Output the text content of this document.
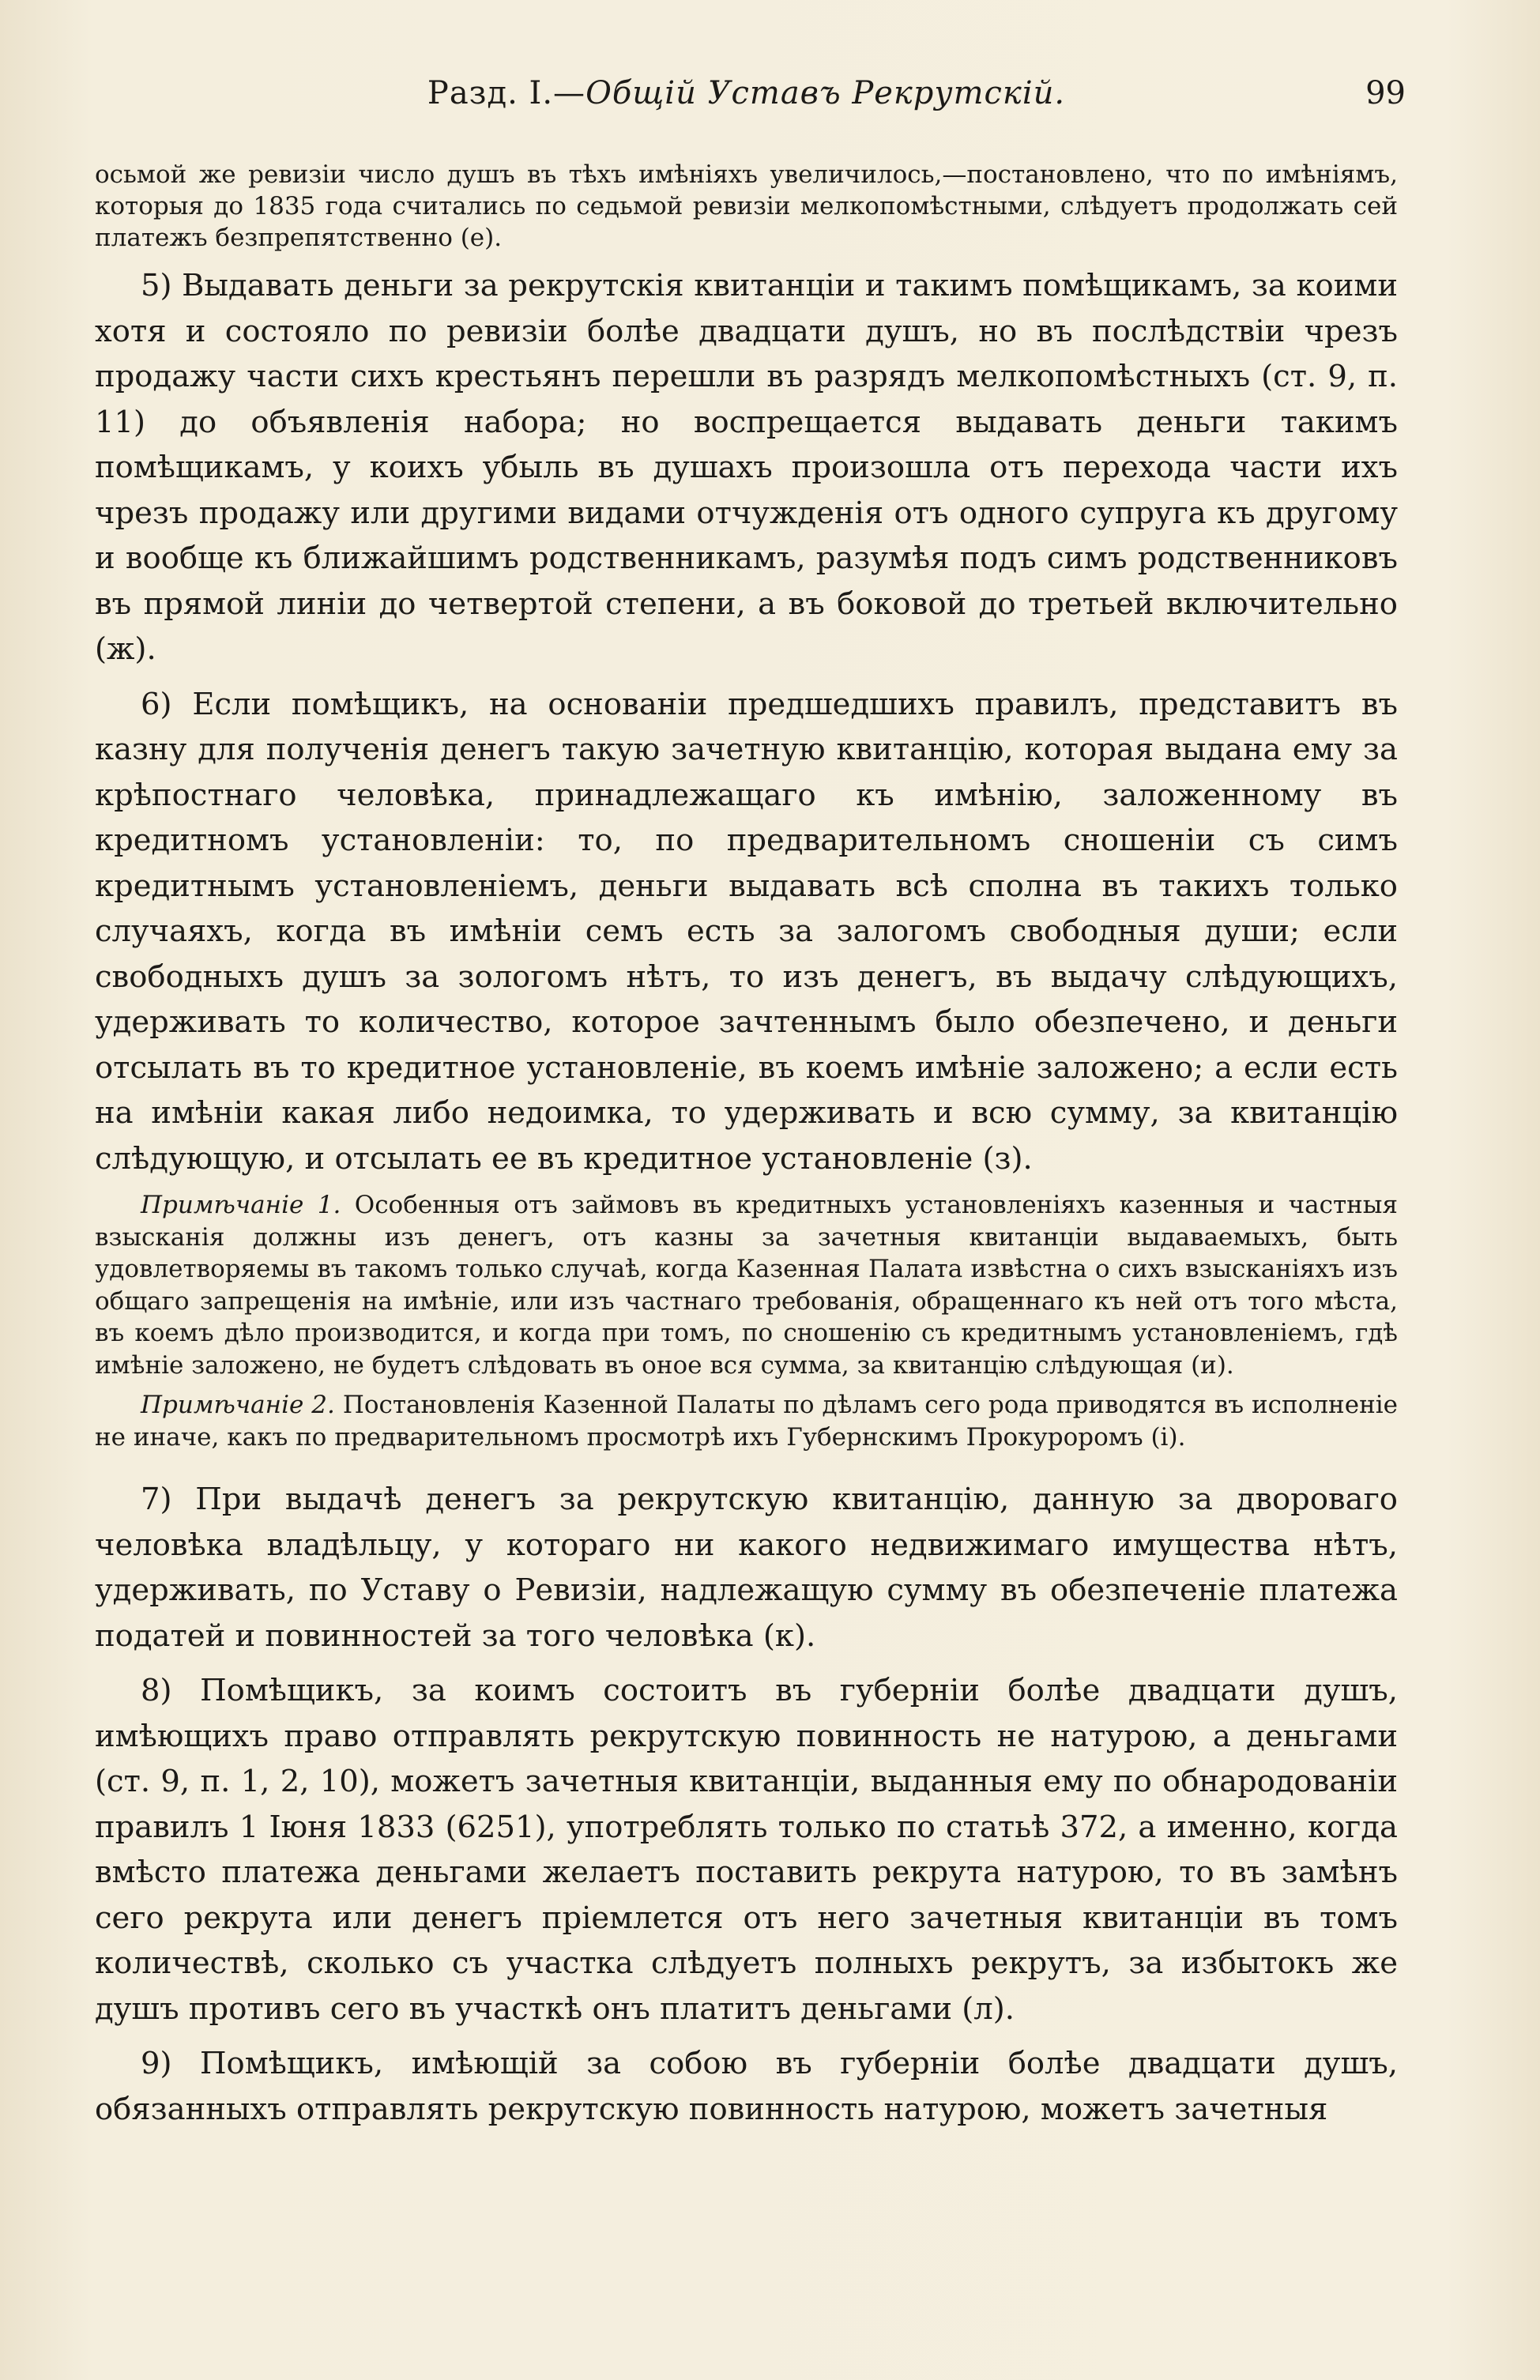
Разд. I.—Общiй Уставъ Рекрутскiй.	99

осьмой же ревизiи число душъ въ тѣхъ имѣнiяхъ увеличилось,—постановлено, что по имѣнiямъ, которыя до 1835 года считались по седьмой ревизiи мелкопомѣстными, слѣдуетъ продолжать сей платежъ безпрепятственно (е).

5) Выдавать деньги за рекрутскiя квитанцiи и такимъ помѣщикамъ, за коими хотя и состояло по ревизiи болѣе двадцати душъ, но въ послѣдствiи чрезъ продажу части сихъ крестьянъ перешли въ разрядъ мелкопомѣстныхъ (ст. 9, п. 11) до объявленiя набора; но воспрещается выдавать деньги такимъ помѣщикамъ, у коихъ убыль въ душахъ произошла отъ перехода части ихъ чрезъ продажу или другими видами отчужденiя отъ одного супруга къ другому и вообще къ ближайшимъ родственникамъ, разумѣя подъ симъ родственниковъ въ прямой линiи до четвертой степени, а въ боковой до третьей включительно (ж).

6) Если помѣщикъ, на основанiи предшедшихъ правилъ, представитъ въ казну для полученiя денегъ такую зачетную квитанцiю, которая выдана ему за крѣпостнаго человѣка, принадлежащаго къ имѣнiю, заложенному въ кредитномъ установленiи: то, по предварительномъ сношенiи съ симъ кредитнымъ установленiемъ, деньги выдавать всѣ сполна въ такихъ только случаяхъ, когда въ имѣнiи семъ есть за залогомъ свободныя души; если свободныхъ душъ за зологомъ нѣтъ, то изъ денегъ, въ выдачу слѣдующихъ, удерживать то количество, которое зачтеннымъ было обезпечено, и деньги отсылать въ то кредитное установленiе, въ коемъ имѣнiе заложено; а если есть на имѣнiи какая либо недоимка, то удерживать и всю сумму, за квитанцiю слѣдующую, и отсылать ее въ кредитное установленiе (з).

Примѣчанiе 1. Особенныя отъ займовъ въ кредитныхъ установленiяхъ казенныя и частныя взысканiя должны изъ денегъ, отъ казны за зачетныя квитанцiи выдаваемыхъ, быть удовлетворяемы въ такомъ только случаѣ, когда Казенная Палата извѣстна о сихъ взысканiяхъ изъ общаго запрещенiя на имѣнiе, или изъ частнаго требованiя, обращеннаго къ ней отъ того мѣста, въ коемъ дѣло производится, и когда при томъ, по сношенiю съ кредитнымъ установленiемъ, гдѣ имѣнiе заложено, не будетъ слѣдовать въ оное вся сумма, за квитанцiю слѣдующая (и).

Примѣчанiе 2. Постановленiя Казенной Палаты по дѣламъ сего рода приводятся въ исполненiе не иначе, какъ по предварительномъ просмотрѣ ихъ Губернскимъ Прокуроромъ (i).

7) При выдачѣ денегъ за рекрутскую квитанцiю, данную за двороваго человѣка владѣльцу, у котораго ни какого недвижимаго имущества нѣтъ, удерживать, по Уставу о Ревизiи, надлежащую сумму въ обезпеченiе платежа податей и повинностей за того человѣка (к).

8) Помѣщикъ, за коимъ состоитъ въ губернiи болѣе двадцати душъ, имѣющихъ право отправлять рекрутскую повинность не натурою, а деньгами (ст. 9, п. 1, 2, 10), можетъ зачетныя квитанцiи, выданныя ему по обнародованiи правилъ 1 Iюня 1833 (6251), употреблять только по статьѣ 372, а именно, когда вмѣсто платежа деньгами желаетъ поставить рекрута натурою, то въ замѣнъ сего рекрута или денегъ прiемлется отъ него зачетныя квитанцiи въ томъ количествѣ, сколько съ участка слѣдуетъ полныхъ рекрутъ, за избытокъ же душъ противъ сего въ участкѣ онъ платитъ деньгами (л).

9) Помѣщикъ, имѣющiй за собою въ губернiи болѣе двадцати душъ, обязанныхъ отправлять рекрутскую повинность натурою, можетъ зачетныя
